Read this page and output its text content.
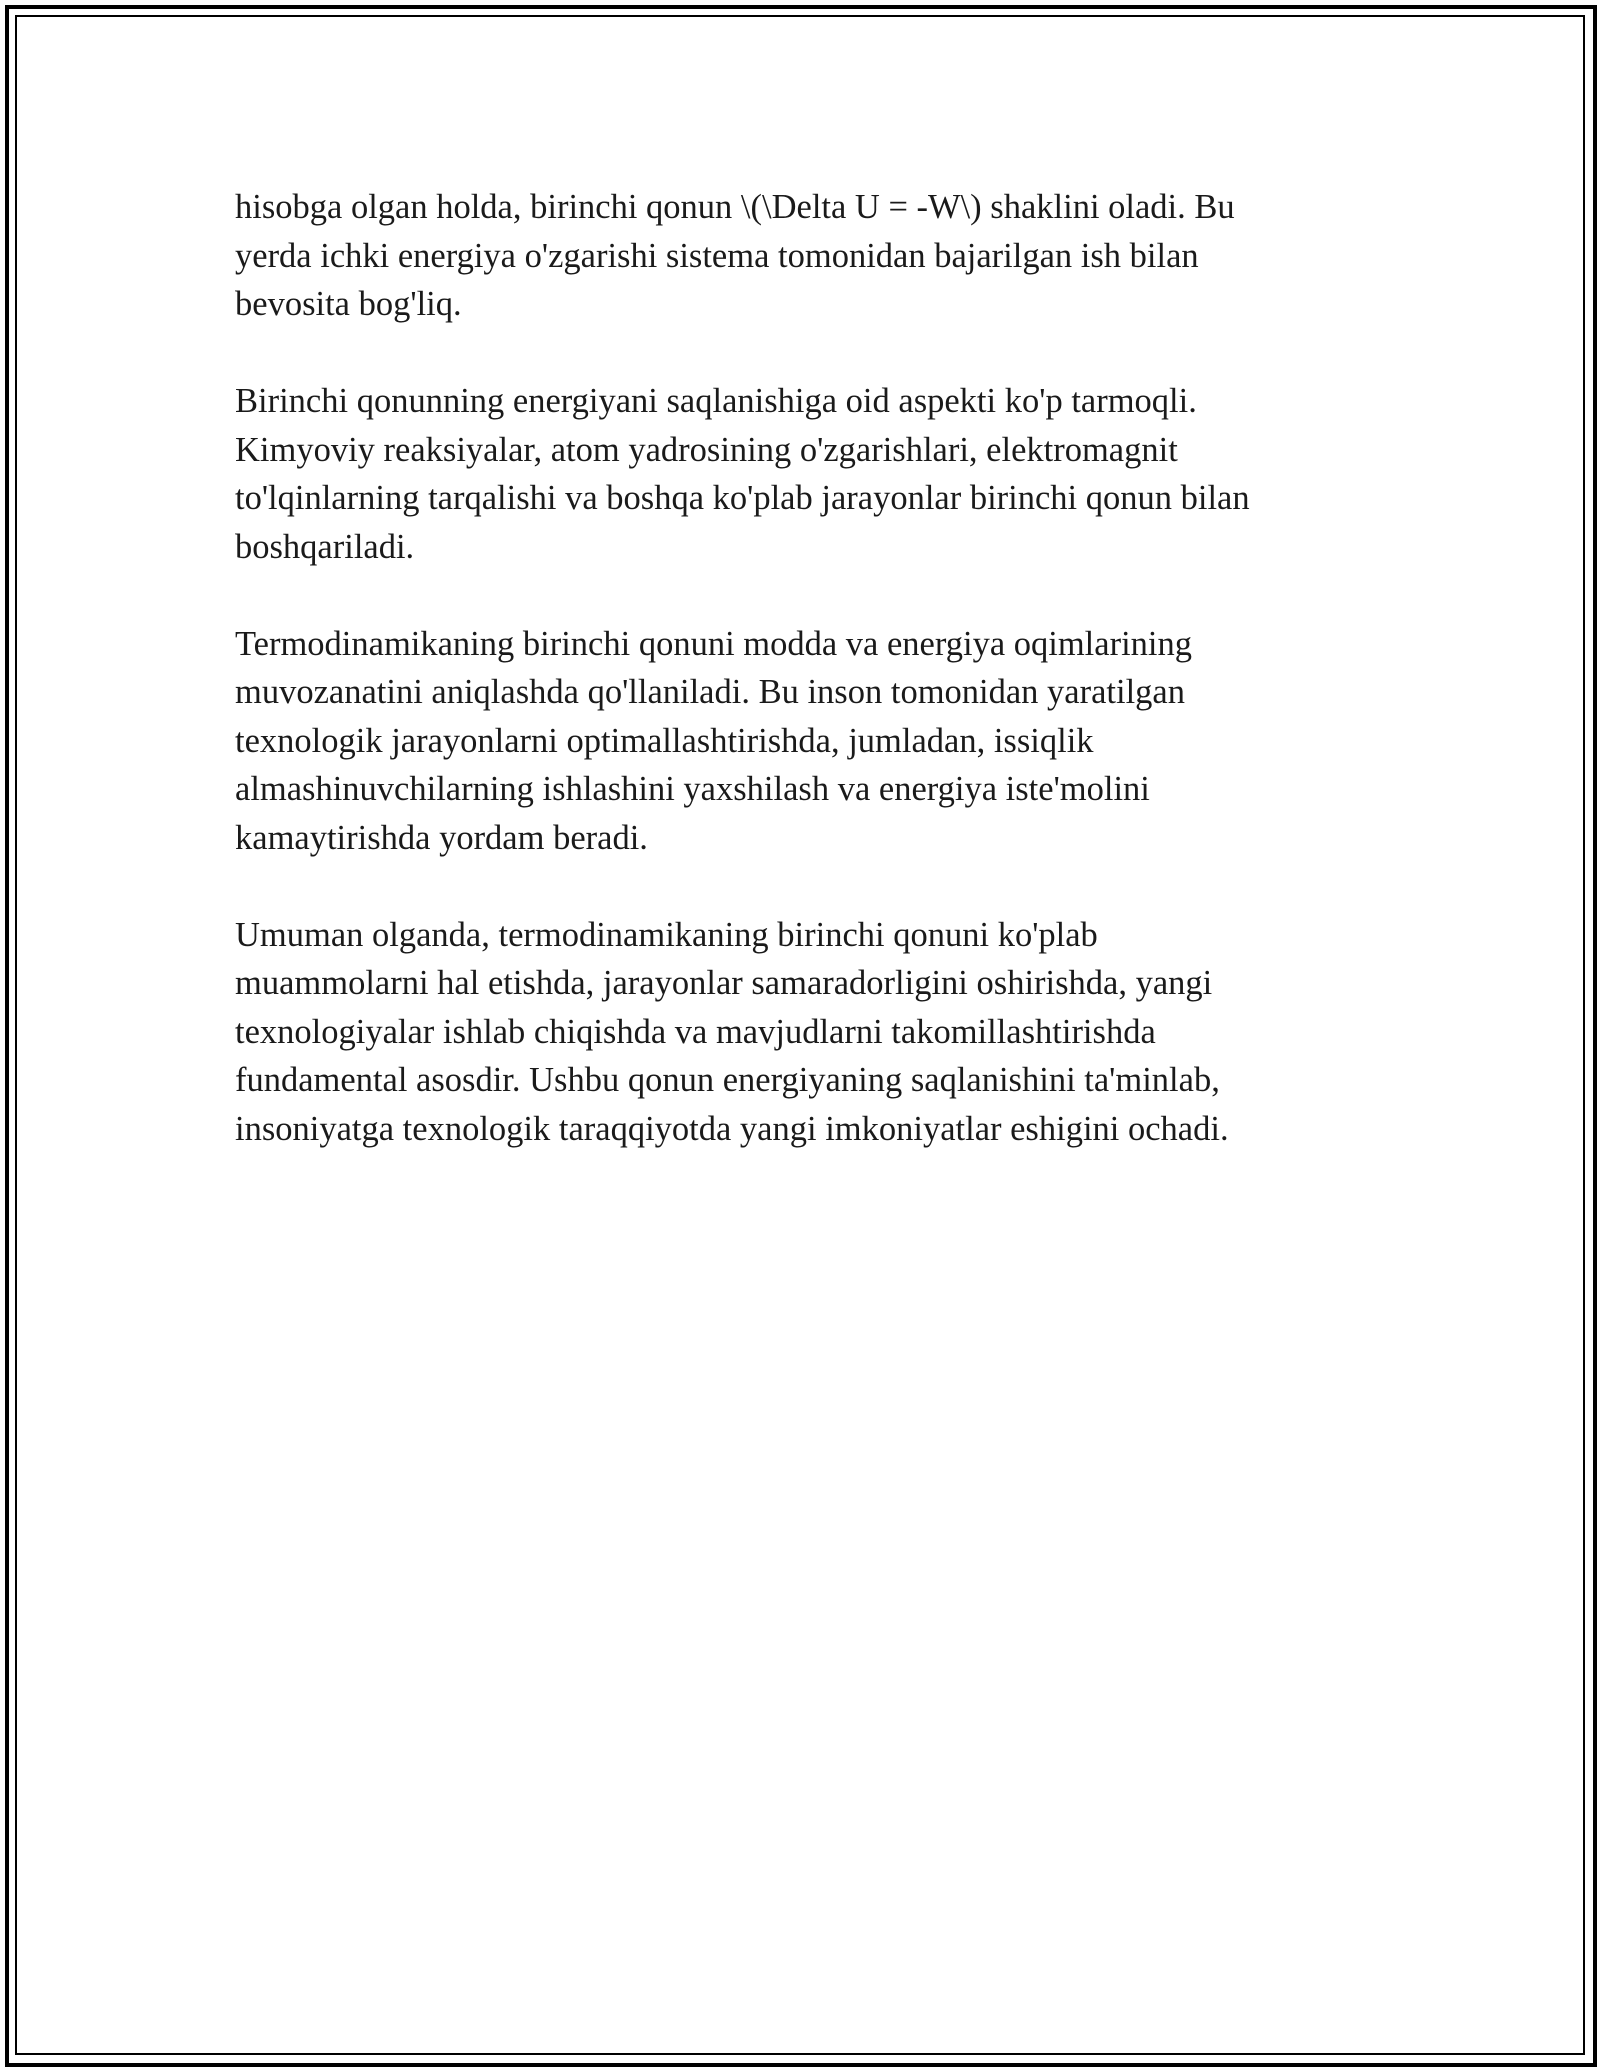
hisobga olgan holda, birinchi qonun \(\Delta U = -W\) shaklini oladi. Bu
yerda ichki energiya o'zgarishi sistema tomonidan bajarilgan ish bilan
bevosita bog'liq.

Birinchi qonunning energiyani saqlanishiga oid aspekti ko'p tarmoqli.
Kimyoviy reaksiyalar, atom yadrosining o'zgarishlari, elektromagnit
to'lqinlarning tarqalishi va boshqa ko'plab jarayonlar birinchi qonun bilan
boshqariladi.

Termodinamikaning birinchi qonuni modda va energiya oqimlarining
muvozanatini aniqlashda qo'llaniladi. Bu inson tomonidan yaratilgan
texnologik jarayonlarni optimallashtirishda, jumladan, issiqlik
almashinuvchilarning ishlashini yaxshilash va energiya iste'molini
kamaytirishda yordam beradi.

Umuman olganda, termodinamikaning birinchi qonuni ko'plab
muammolarni hal etishda, jarayonlar samaradorligini oshirishda, yangi
texnologiyalar ishlab chiqishda va mavjudlarni takomillashtirishda
fundamental asosdir. Ushbu qonun energiyaning saqlanishini ta'minlab,
insoniyatga texnologik taraqqiyotda yangi imkoniyatlar eshigini ochadi.
